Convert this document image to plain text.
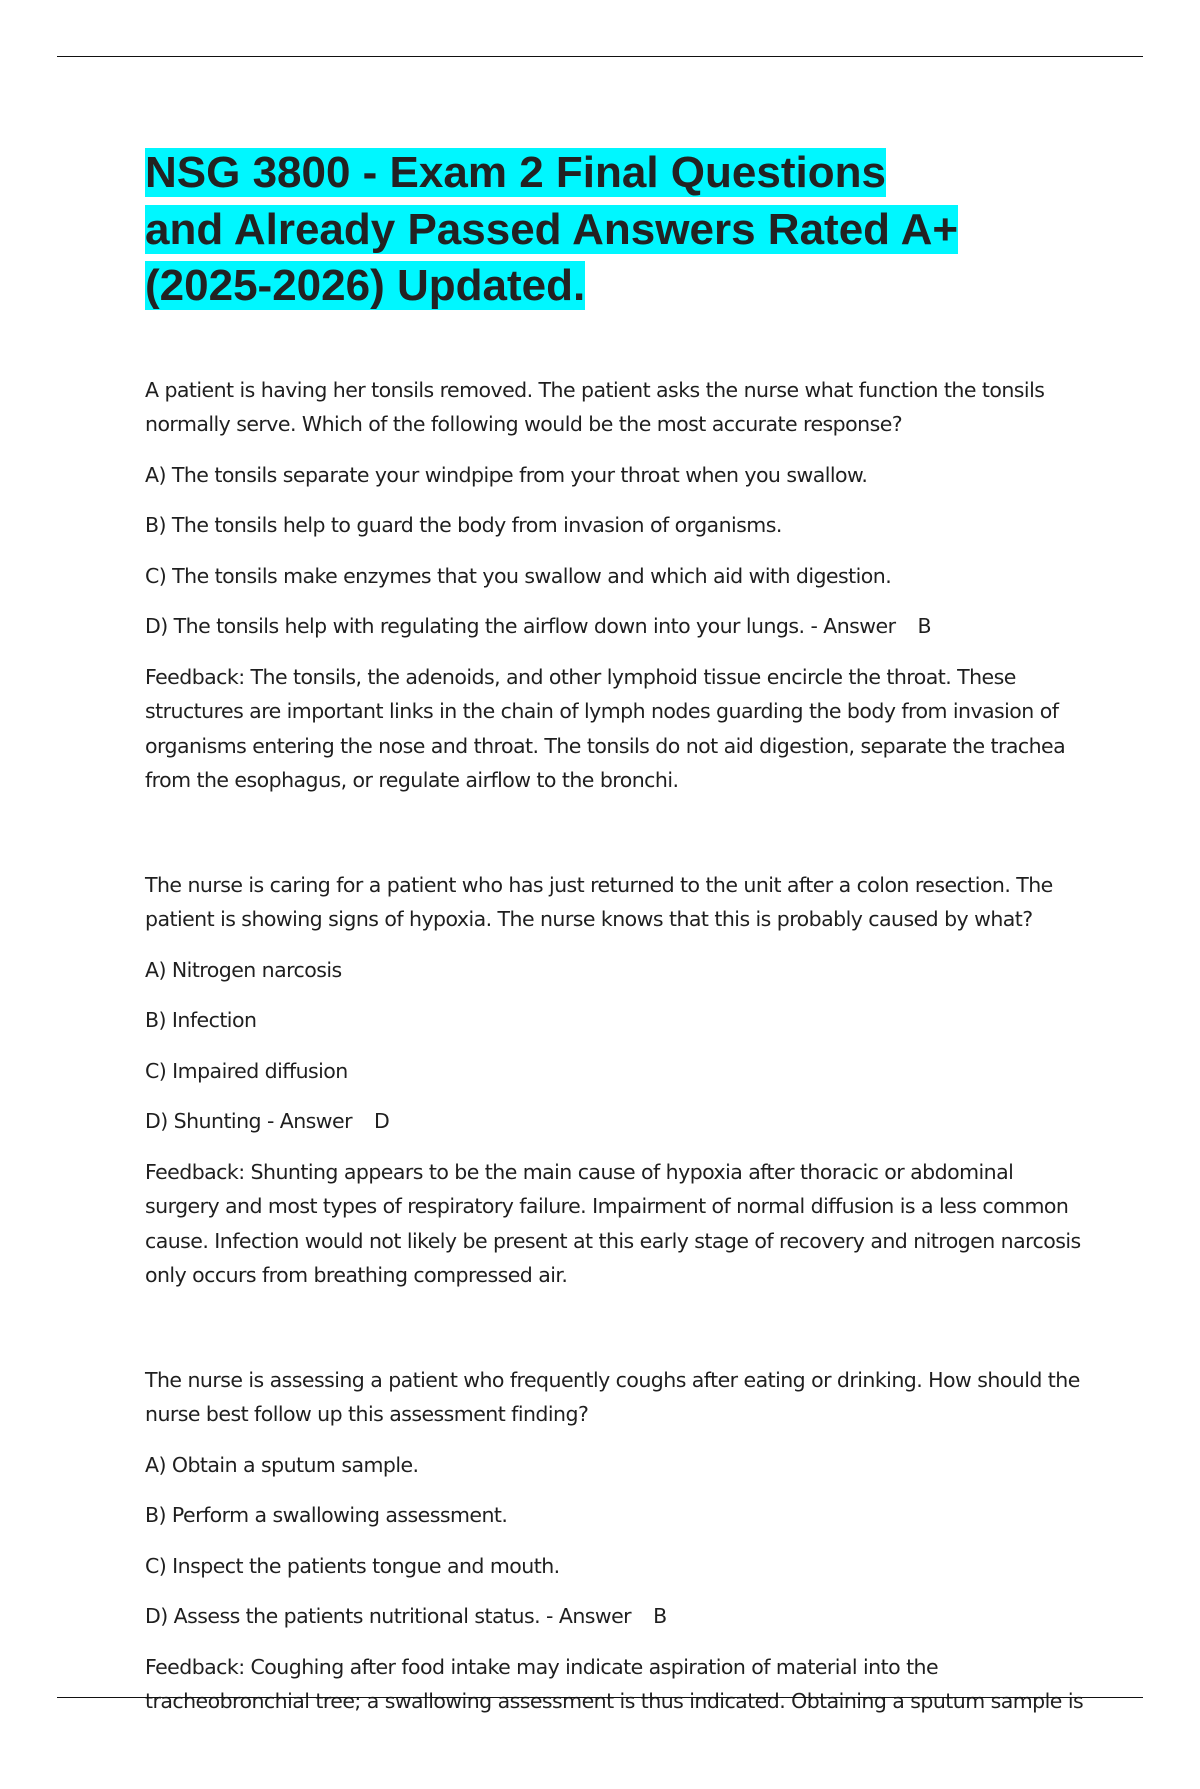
NSG 3800 - Exam 2 Final Questions and Already Passed Answers Rated A+(2025-2026) Updated.

A patient is having her tonsils removed. The patient asks the nurse what function the tonsils normally serve. Which of the following would be the most accurate response?

A) The tonsils separate your windpipe from your throat when you swallow.

B) The tonsils help to guard the body from invasion of organisms.

C) The tonsils make enzymes that you swallow and which aid with digestion.

D) The tonsils help with regulating the airflow down into your lungs. - Answer B

Feedback: The tonsils, the adenoids, and other lymphoid tissue encircle the throat. These structures are important links in the chain of lymph nodes guarding the body from invasion of organisms entering the nose and throat. The tonsils do not aid digestion, separate the trachea from the esophagus, or regulate airflow to the bronchi.

The nurse is caring for a patient who has just returned to the unit after a colon resection. The patient is showing signs of hypoxia. The nurse knows that this is probably caused by what?

A) Nitrogen narcosis

B) Infection

C) Impaired diffusion

D) Shunting - Answer D

Feedback: Shunting appears to be the main cause of hypoxia after thoracic or abdominal surgery and most types of respiratory failure. Impairment of normal diffusion is a less common cause. Infection would not likely be present at this early stage of recovery and nitrogen narcosis only occurs from breathing compressed air.

The nurse is assessing a patient who frequently coughs after eating or drinking. How should the nurse best follow up this assessment finding?

A) Obtain a sputum sample.

B) Perform a swallowing assessment.

C) Inspect the patients tongue and mouth.

D) Assess the patients nutritional status. - Answer B

Feedback: Coughing after food intake may indicate aspiration of material into the tracheobronchial tree; a swallowing assessment is thus indicated. Obtaining a sputum sample is
